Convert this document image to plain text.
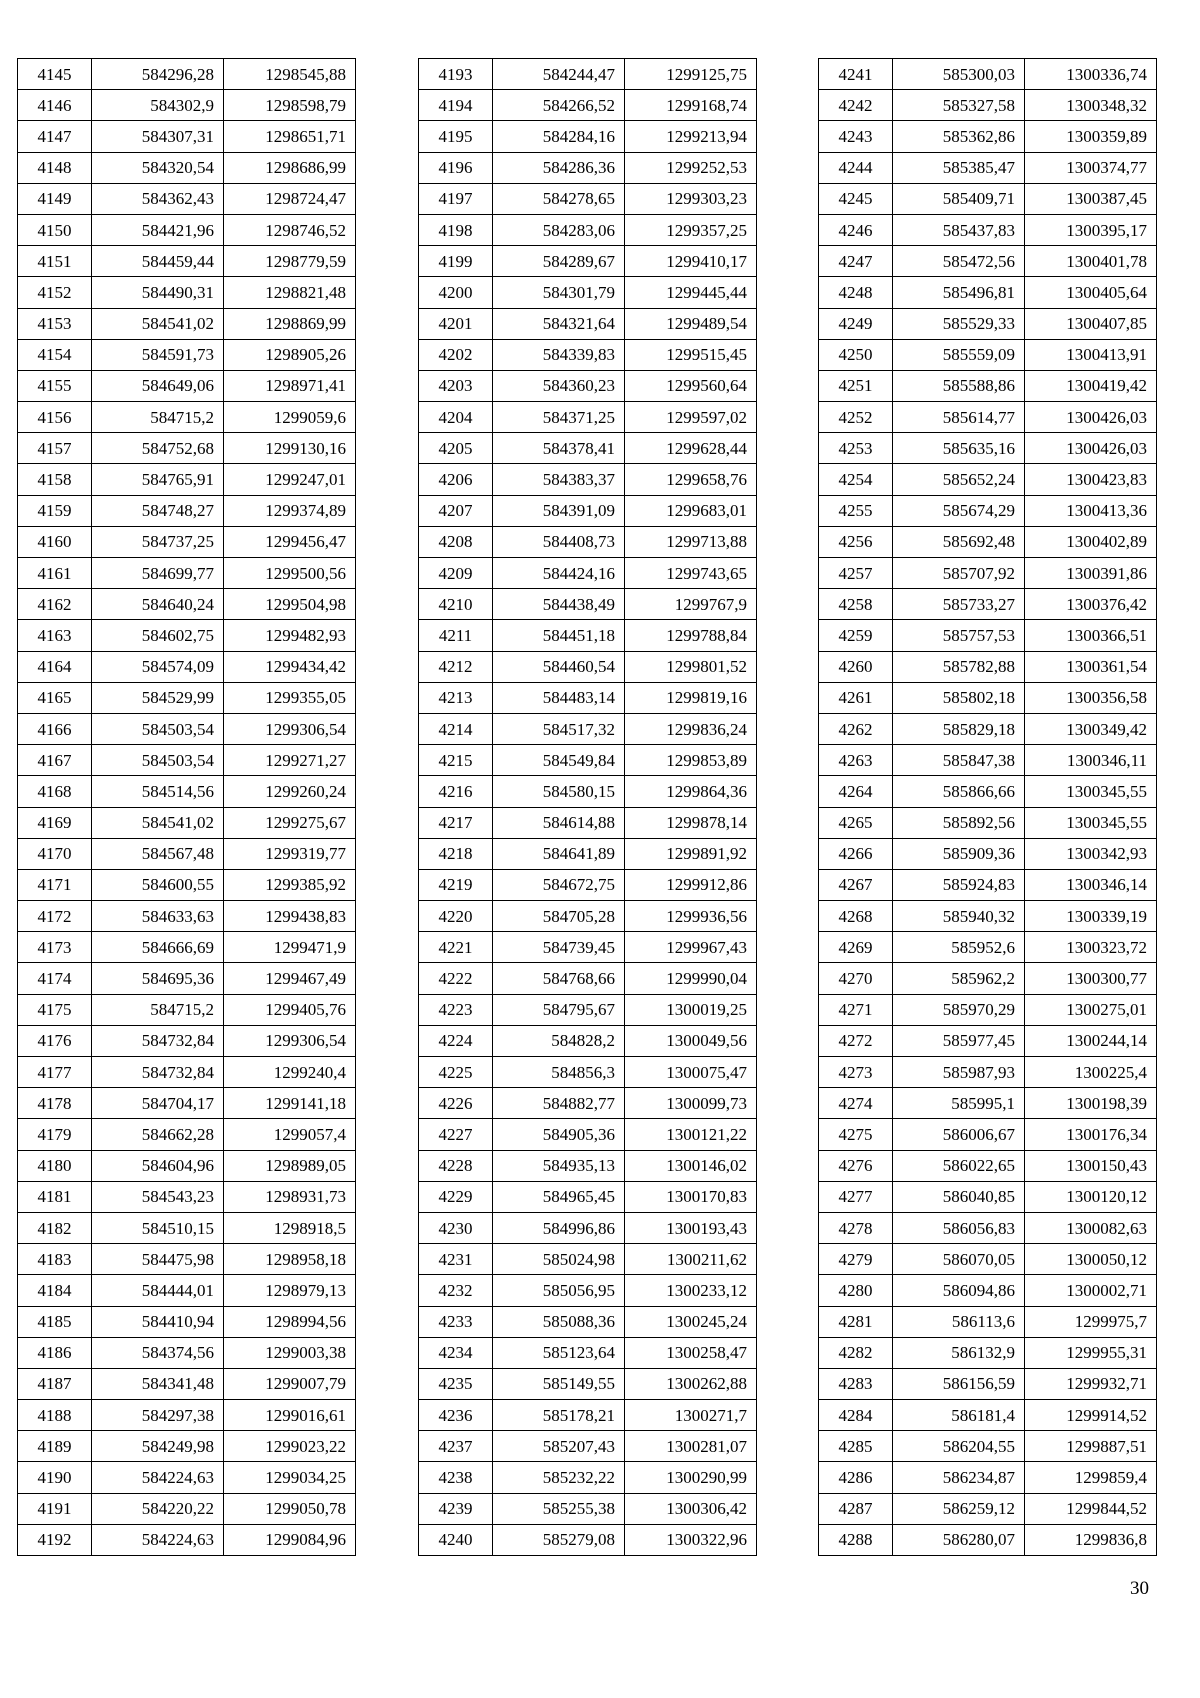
4145	584296,28	1298545,88
4146	584302,9	1298598,79
4147	584307,31	1298651,71
4148	584320,54	1298686,99
4149	584362,43	1298724,47
4150	584421,96	1298746,52
4151	584459,44	1298779,59
4152	584490,31	1298821,48
4153	584541,02	1298869,99
4154	584591,73	1298905,26
4155	584649,06	1298971,41
4156	584715,2	1299059,6
4157	584752,68	1299130,16
4158	584765,91	1299247,01
4159	584748,27	1299374,89
4160	584737,25	1299456,47
4161	584699,77	1299500,56
4162	584640,24	1299504,98
4163	584602,75	1299482,93
4164	584574,09	1299434,42
4165	584529,99	1299355,05
4166	584503,54	1299306,54
4167	584503,54	1299271,27
4168	584514,56	1299260,24
4169	584541,02	1299275,67
4170	584567,48	1299319,77
4171	584600,55	1299385,92
4172	584633,63	1299438,83
4173	584666,69	1299471,9
4174	584695,36	1299467,49
4175	584715,2	1299405,76
4176	584732,84	1299306,54
4177	584732,84	1299240,4
4178	584704,17	1299141,18
4179	584662,28	1299057,4
4180	584604,96	1298989,05
4181	584543,23	1298931,73
4182	584510,15	1298918,5
4183	584475,98	1298958,18
4184	584444,01	1298979,13
4185	584410,94	1298994,56
4186	584374,56	1299003,38
4187	584341,48	1299007,79
4188	584297,38	1299016,61
4189	584249,98	1299023,22
4190	584224,63	1299034,25
4191	584220,22	1299050,78
4192	584224,63	1299084,96
4193	584244,47	1299125,75
4194	584266,52	1299168,74
4195	584284,16	1299213,94
4196	584286,36	1299252,53
4197	584278,65	1299303,23
4198	584283,06	1299357,25
4199	584289,67	1299410,17
4200	584301,79	1299445,44
4201	584321,64	1299489,54
4202	584339,83	1299515,45
4203	584360,23	1299560,64
4204	584371,25	1299597,02
4205	584378,41	1299628,44
4206	584383,37	1299658,76
4207	584391,09	1299683,01
4208	584408,73	1299713,88
4209	584424,16	1299743,65
4210	584438,49	1299767,9
4211	584451,18	1299788,84
4212	584460,54	1299801,52
4213	584483,14	1299819,16
4214	584517,32	1299836,24
4215	584549,84	1299853,89
4216	584580,15	1299864,36
4217	584614,88	1299878,14
4218	584641,89	1299891,92
4219	584672,75	1299912,86
4220	584705,28	1299936,56
4221	584739,45	1299967,43
4222	584768,66	1299990,04
4223	584795,67	1300019,25
4224	584828,2	1300049,56
4225	584856,3	1300075,47
4226	584882,77	1300099,73
4227	584905,36	1300121,22
4228	584935,13	1300146,02
4229	584965,45	1300170,83
4230	584996,86	1300193,43
4231	585024,98	1300211,62
4232	585056,95	1300233,12
4233	585088,36	1300245,24
4234	585123,64	1300258,47
4235	585149,55	1300262,88
4236	585178,21	1300271,7
4237	585207,43	1300281,07
4238	585232,22	1300290,99
4239	585255,38	1300306,42
4240	585279,08	1300322,96
4241	585300,03	1300336,74
4242	585327,58	1300348,32
4243	585362,86	1300359,89
4244	585385,47	1300374,77
4245	585409,71	1300387,45
4246	585437,83	1300395,17
4247	585472,56	1300401,78
4248	585496,81	1300405,64
4249	585529,33	1300407,85
4250	585559,09	1300413,91
4251	585588,86	1300419,42
4252	585614,77	1300426,03
4253	585635,16	1300426,03
4254	585652,24	1300423,83
4255	585674,29	1300413,36
4256	585692,48	1300402,89
4257	585707,92	1300391,86
4258	585733,27	1300376,42
4259	585757,53	1300366,51
4260	585782,88	1300361,54
4261	585802,18	1300356,58
4262	585829,18	1300349,42
4263	585847,38	1300346,11
4264	585866,66	1300345,55
4265	585892,56	1300345,55
4266	585909,36	1300342,93
4267	585924,83	1300346,14
4268	585940,32	1300339,19
4269	585952,6	1300323,72
4270	585962,2	1300300,77
4271	585970,29	1300275,01
4272	585977,45	1300244,14
4273	585987,93	1300225,4
4274	585995,1	1300198,39
4275	586006,67	1300176,34
4276	586022,65	1300150,43
4277	586040,85	1300120,12
4278	586056,83	1300082,63
4279	586070,05	1300050,12
4280	586094,86	1300002,71
4281	586113,6	1299975,7
4282	586132,9	1299955,31
4283	586156,59	1299932,71
4284	586181,4	1299914,52
4285	586204,55	1299887,51
4286	586234,87	1299859,4
4287	586259,12	1299844,52
4288	586280,07	1299836,8
30
